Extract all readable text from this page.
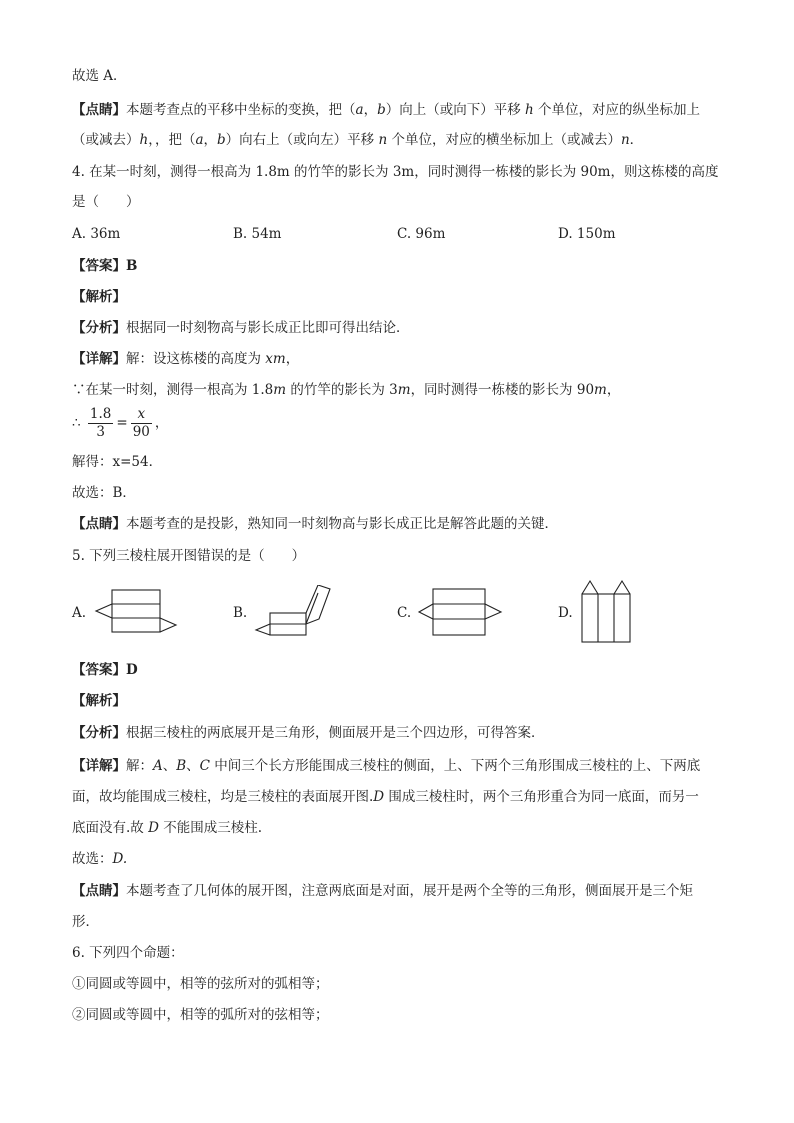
故选 A．
【点睛】本题考查点的平移中坐标的变换，把（a，b）向上（或向下）平移 h 个单位，对应的纵坐标加上
（或减去）h，，把（a，b）向右上（或向左）平移 n 个单位，对应的横坐标加上（或减去）n．
4. 在某一时刻，测得一根高为 1.8m 的竹竿的影长为 3m，同时测得一栋楼的影长为 90m，则这栋楼的高度
是（　　）
A. 36m	B. 54m	C. 96m	D. 150m
【答案】B
【解析】
【分析】根据同一时刻物高与影长成正比即可得出结论．
【详解】解：设这栋楼的高度为 xm，
∵在某一时刻，测得一根高为 1.8m 的竹竿的影长为 3m，同时测得一栋楼的影长为 90m，
∴ $\frac{1.8}{3} = \frac{x}{90}$ ，
解得：x=54．
故选：B．
【点睛】本题考查的是投影，熟知同一时刻物高与影长成正比是解答此题的关键．
5. 下列三棱柱展开图错误的是（　　）
A.	B.	C.	D.
【答案】D
【解析】
【分析】根据三棱柱的两底展开是三角形，侧面展开是三个四边形，可得答案．
【详解】解：A、B、C 中间三个长方形能围成三棱柱的侧面，上、下两个三角形围成三棱柱的上、下两底
面，故均能围成三棱柱，均是三棱柱的表面展开图.D 围成三棱柱时，两个三角形重合为同一底面，而另一
底面没有.故 D 不能围成三棱柱.
故选：D.
【点睛】本题考查了几何体的展开图，注意两底面是对面，展开是两个全等的三角形，侧面展开是三个矩
形．
6. 下列四个命题：
①同圆或等圆中，相等的弦所对的弧相等；
②同圆或等圆中，相等的弧所对的弦相等；
